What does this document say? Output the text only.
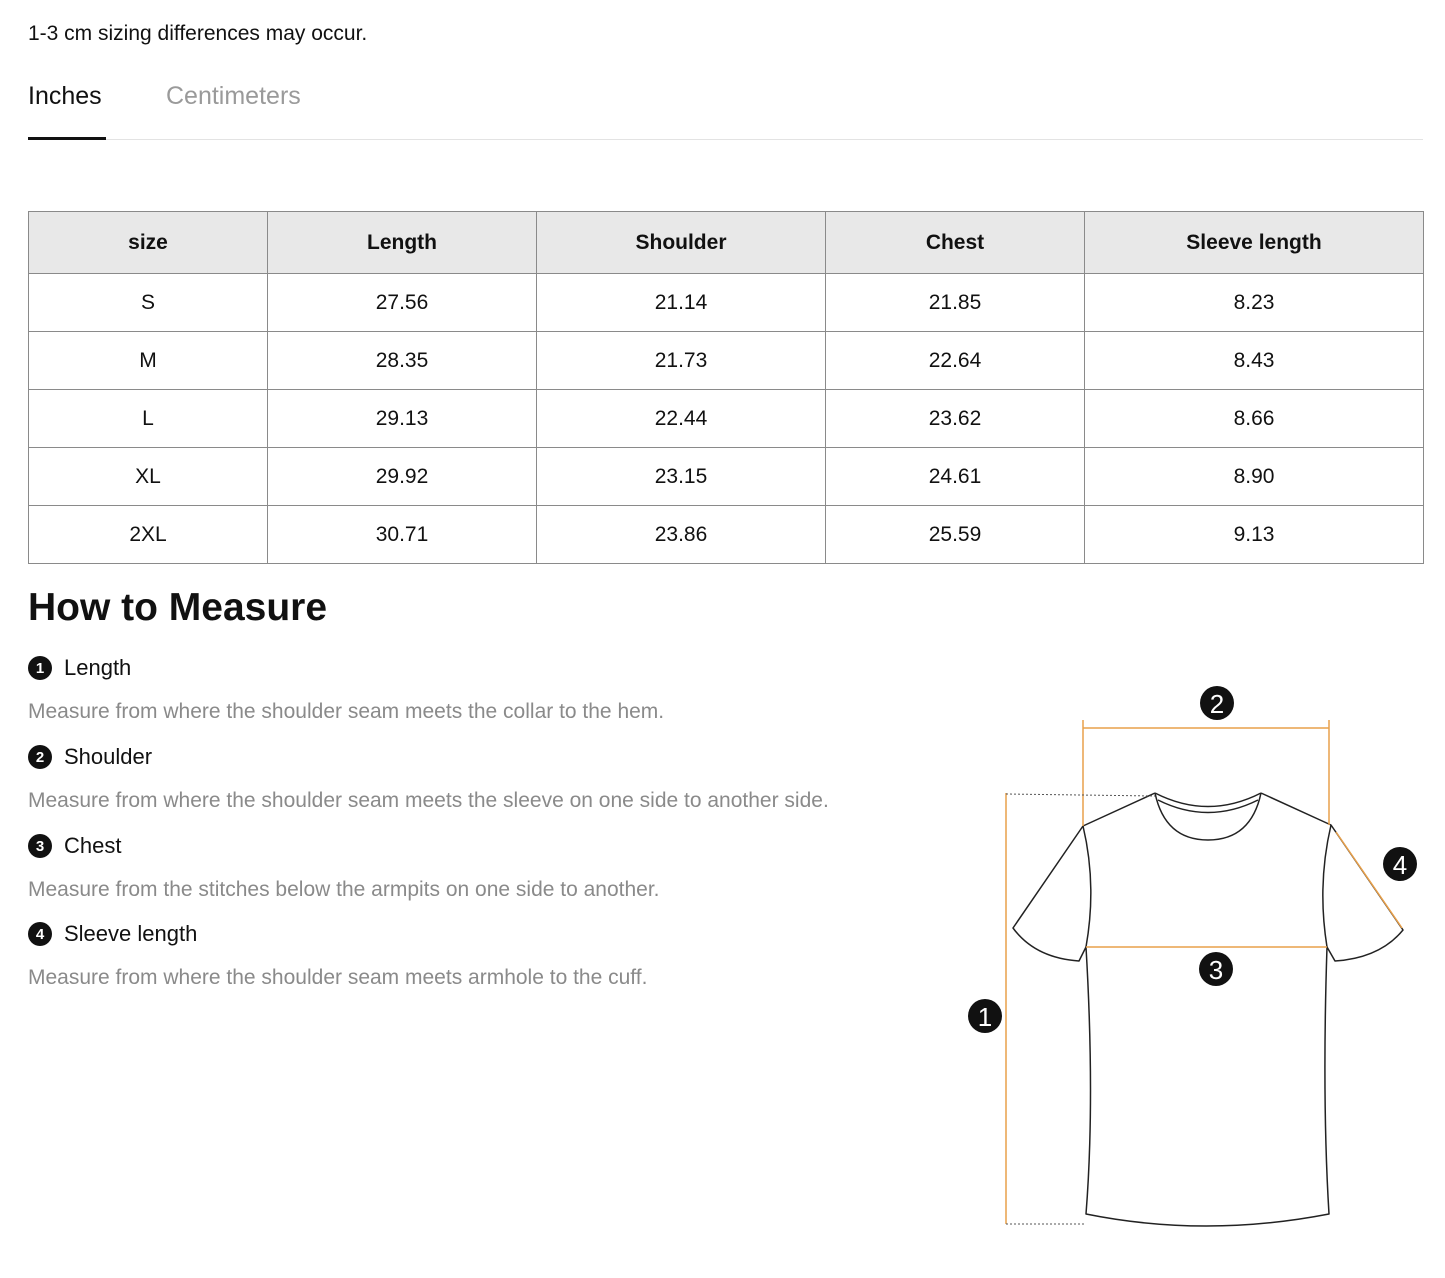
1-3 cm sizing differences may occur.
Inches	Centimeters
size	Length	Shoulder	Chest	Sleeve length
S	27.56	21.14	21.85	8.23
M	28.35	21.73	22.64	8.43
L	29.13	22.44	23.62	8.66
XL	29.92	23.15	24.61	8.90
2XL	30.71	23.86	25.59	9.13
How to Measure
1 Length
Measure from where the shoulder seam meets the collar to the hem.
2 Shoulder
Measure from where the shoulder seam meets the sleeve on one side to another side.
3 Chest
Measure from the stitches below the armpits on one side to another.
4 Sleeve length
Measure from where the shoulder seam meets armhole to the cuff.
1
2
3
4
